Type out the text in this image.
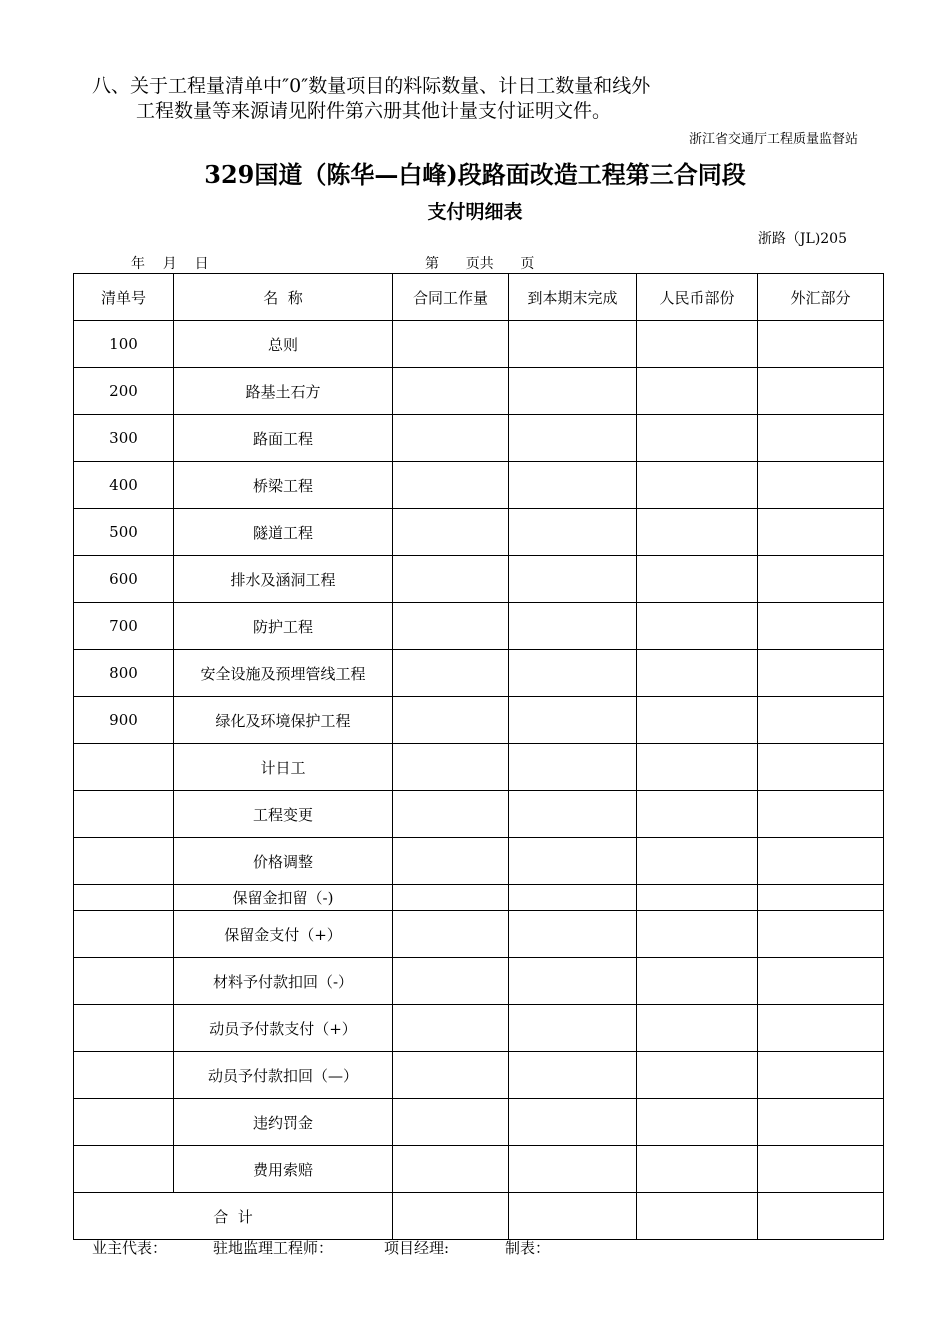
八、关于工程量清单中″0″数量项目的料际数量、计日工数量和线外
工程数量等来源请见附件第六册其他计量支付证明文件。
浙江省交通厅工程质量监督站
329国道（陈华—白峰)段路面改造工程第三合同段
支付明细表
浙路（JL)205
年    月    日	第      页共      页
清单号	名  称	合同工作量	到本期末完成	人民币部份	外汇部分
100	总则				
200	路基土石方				
300	路面工程				
400	桥梁工程				
500	隧道工程				
600	排水及涵洞工程				
700	防护工程				
800	安全设施及预埋管线工程				
900	绿化及环境保护工程				
	计日工				
	工程变更				
	价格调整				
	保留金扣留（-)				
	保留金支付（+）				
	材料予付款扣回（-）				
	动员予付款支付（+）				
	动员予付款扣回（—）				
	违约罚金				
	费用索赔				
合  计					
业主代表：	驻地监理工程师：	项目经理:	制表：
